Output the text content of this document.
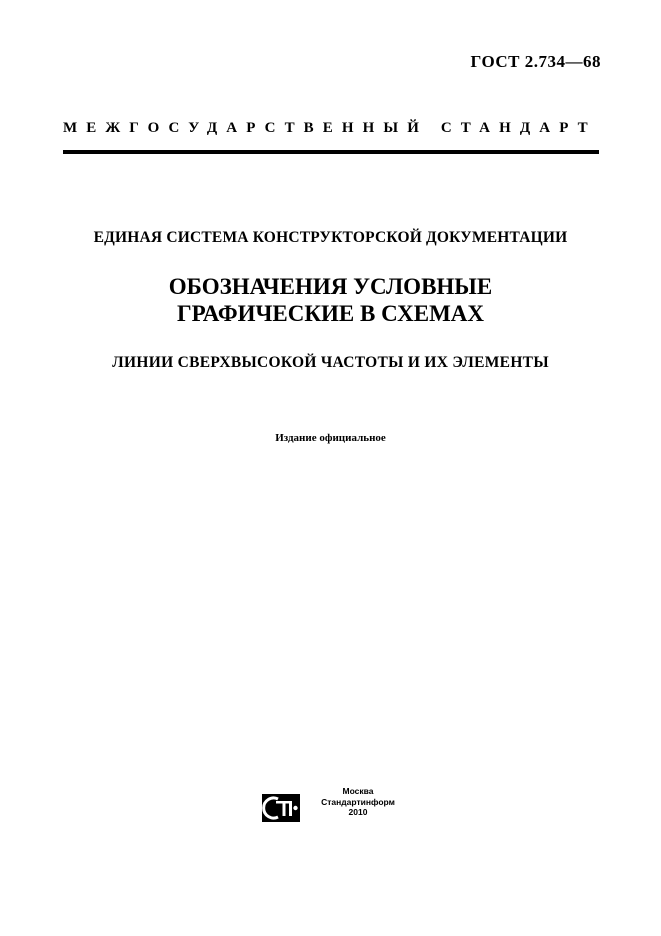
ГОСТ 2.734—68
МЕЖГОСУДАРСТВЕННЫЙ СТАНДАРТ
ЕДИНАЯ СИСТЕМА КОНСТРУКТОРСКОЙ ДОКУМЕНТАЦИИ
ОБОЗНАЧЕНИЯ УСЛОВНЫЕ
ГРАФИЧЕСКИЕ В СХЕМАХ
ЛИНИИ СВЕРХВЫСОКОЙ ЧАСТОТЫ И ИХ ЭЛЕМЕНТЫ
Издание официальное
Москва
Стандартинформ
2010
